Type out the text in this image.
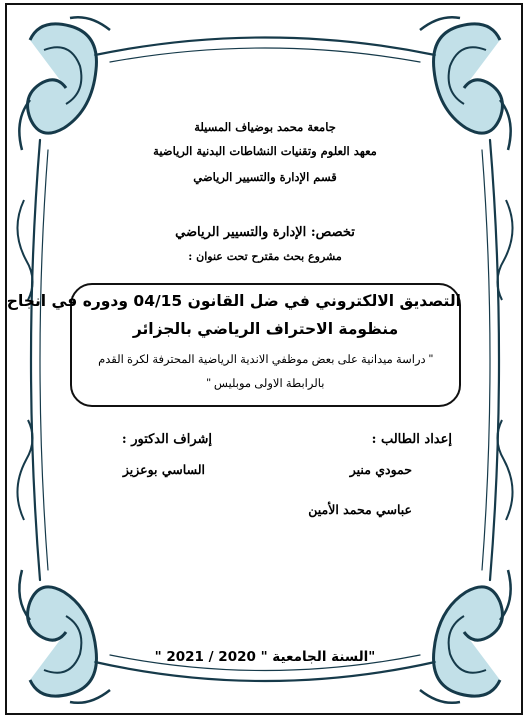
جامعة محمد بوضياف المسيلة
معهد العلوم وتقنيات النشاطات البدنية الرياضية
قسم الإدارة والتسيير الرياضي
تخصص: الإدارة والتسيير الرياضي
مشروع بحث مقترح تحت عنوان :
التصديق الالكتروني في ضل القانون 04/15 ودوره في انجاح
منظومة الاحتراف الرياضي بالجزائر
" دراسة ميدانية على بعض موظفي الاندية الرياضية المحترفة لكرة القدم
بالرابطة الاولى موبليس "
إعداد الطالب :
إشراف الدكتور :
حمودي منير
الساسي بوعزيز
عباسي محمد الأمين
"السنة الجامعية " 2020 / 2021 "
